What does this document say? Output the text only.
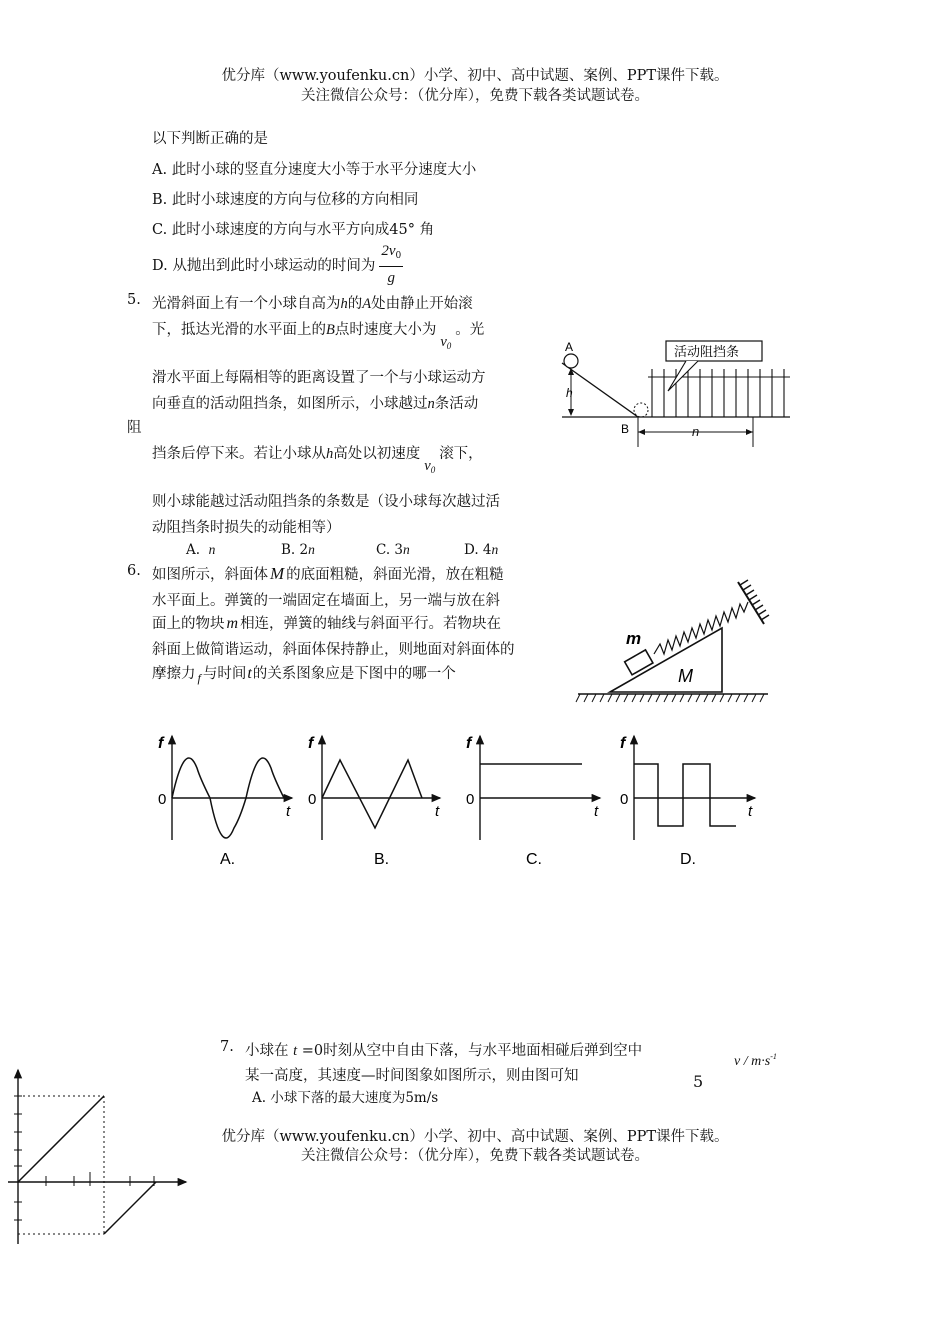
优分库（www.youfenku.cn）小学、初中、高中试题、案例、PPT课件下载。
关注微信公众号：（优分库），免费下载各类试题试卷。
以下判断正确的是
A. 此时小球的竖直分速度大小等于水平分速度大小
B. 此时小球速度的方向与位移的方向相同
C. 此时小球速度的方向与水平方向成45° 角
D. 从抛出到此时小球运动的时间为 $\frac{2v_0}{g}$
5. 光滑斜面上有一个小球自高为h的A处由静止开始滚
下，抵达光滑的水平面上的B点时速度大小为$v_0$。光
滑水平面上每隔相等的距离设置了一个与小球运动方
向垂直的活动阻挡条，如图所示，小球越过n条活动
阻
挡条后停下来。若让小球从h高处以初速度$v_0$滚下，
则小球能越过活动阻挡条的条数是（设小球每次越过活
动阻挡条时损失的动能相等）
A. n	B. 2n	C. 3n	D. 4n
A
h
B
活动阻挡条
n
6. 如图所示，斜面体 M 的底面粗糙，斜面光滑，放在粗糙
水平面上。弹簧的一端固定在墙面上，另一端与放在斜
面上的物块 m 相连，弹簧的轴线与斜面平行。若物块在
斜面上做简谐运动，斜面体保持静止，则地面对斜面体的
摩擦力 $_f$ 与时间t的关系图象应是下图中的哪一个	M
m
f
0
t
A.
f
0
t
B.
f
0
t
C.
f
0
t
D.
7. 小球在 t =0时刻从空中自由下落，与水平地面相碰后弹到空中
某一高度，其速度—时间图象如图所示，则由图可知
A. 小球下落的最大速度为5m/s
$v / m\cdot s^{-1}$
5
优分库（www.youfenku.cn）小学、初中、高中试题、案例、PPT课件下载。
关注微信公众号：（优分库），免费下载各类试题试卷。
